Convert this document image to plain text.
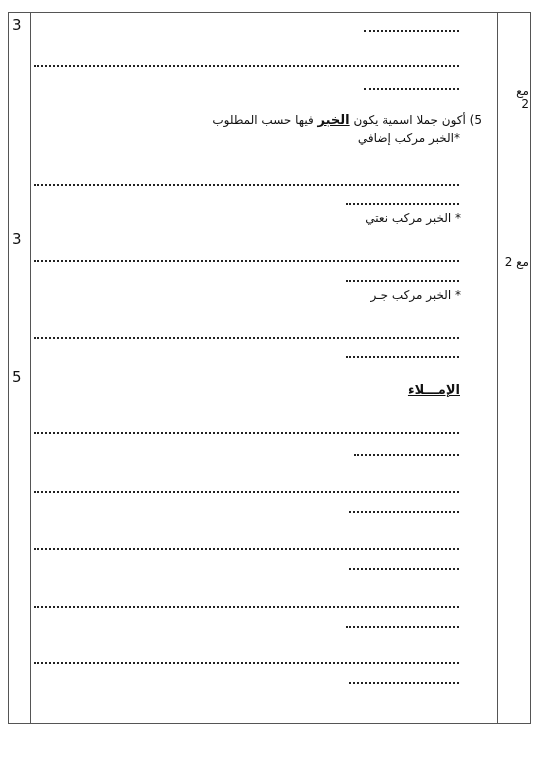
3
3
5
مع
2
مع 2
5) أكون جملا اسمية يكون الخبر فيها حسب المطلوب
*الخبر مركب إضافي
* الخبر مركب نعتي
* الخبر مركب جـر
الإمـــلاء
